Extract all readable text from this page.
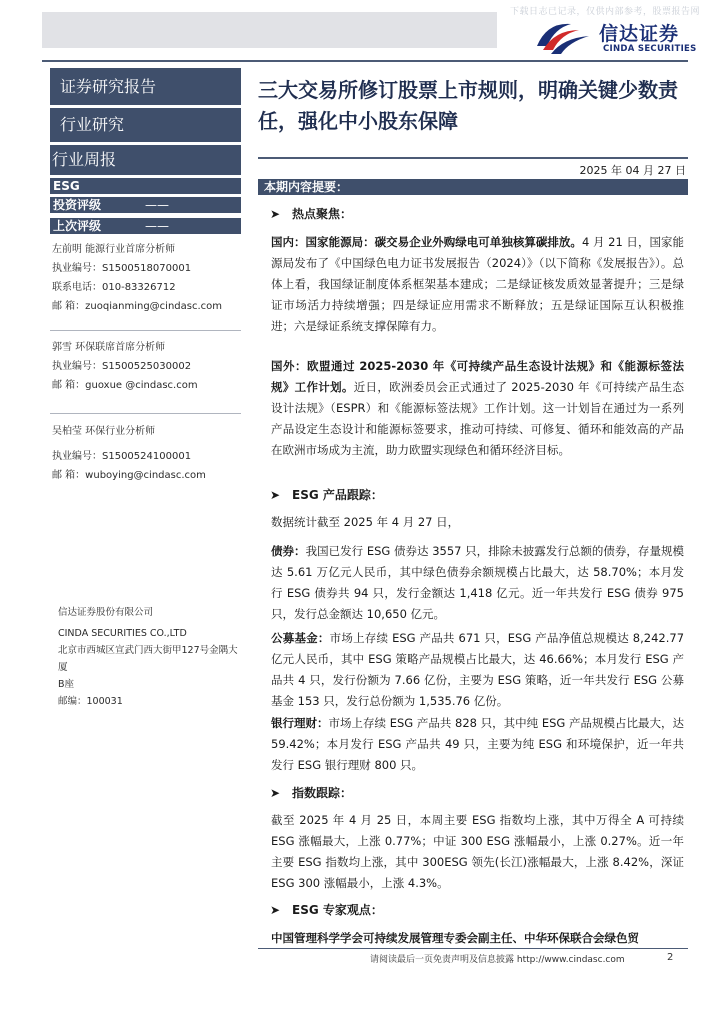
下载日志已记录，仅供内部参考，股票报告网
信达证券
CINDA SECURITIES
证券研究报告
行业研究
行业周报
ESG
投资评级	——
上次评级	——
左前明 能源行业首席分析师
执业编号：S1500518070001
联系电话：010-83326712
邮 箱：zuoqianming@cindasc.com
郭雪 环保联席首席分析师
执业编号：S1500525030002
邮 箱：guoxue @cindasc.com
吴柏莹 环保行业分析师
执业编号：S1500524100001
邮 箱：wuboying@cindasc.com
信达证券股份有限公司
CINDA SECURITIES CO.,LTD
北京市西城区宣武门西大街甲127号金隅大厦
B座
邮编：100031
三大交易所修订股票上市规则，明确关键少数责任，强化中小股东保障
2025 年 04 月 27 日
本期内容提要：
➤ 热点聚焦：
国内：国家能源局：碳交易企业外购绿电可单独核算碳排放。4 月 21 日，国家能源局发布了《中国绿色电力证书发展报告（2024）》（以下简称《发展报告》）。总体上看，我国绿证制度体系框架基本建成；二是绿证核发质效显著提升；三是绿证市场活力持续增强；四是绿证应用需求不断释放；五是绿证国际互认积极推进；六是绿证系统支撑保障有力。
国外：欧盟通过 2025-2030 年《可持续产品生态设计法规》和《能源标签法规》工作计划。近日，欧洲委员会正式通过了 2025-2030 年《可持续产品生态设计法规》（ESPR）和《能源标签法规》工作计划。这一计划旨在通过为一系列产品设定生态设计和能源标签要求，推动可持续、可修复、循环和能效高的产品在欧洲市场成为主流，助力欧盟实现绿色和循环经济目标。
➤ ESG 产品跟踪：
数据统计截至 2025 年 4 月 27 日，
债券：我国已发行 ESG 债券达 3557 只，排除未披露发行总额的债券，存量规模达 5.61 万亿元人民币，其中绿色债券余额规模占比最大，达 58.70%；本月发行 ESG 债券共 94 只，发行金额达 1,418 亿元。近一年共发行 ESG 债券 975 只，发行总金额达 10,650 亿元。
公募基金：市场上存续 ESG 产品共 671 只，ESG 产品净值总规模达 8,242.77 亿元人民币，其中 ESG 策略产品规模占比最大，达 46.66%；本月发行 ESG 产品共 4 只，发行份额为 7.66 亿份，主要为 ESG 策略，近一年共发行 ESG 公募基金 153 只，发行总份额为 1,535.76 亿份。
银行理财：市场上存续 ESG 产品共 828 只，其中纯 ESG 产品规模占比最大，达 59.42%；本月发行 ESG 产品共 49 只，主要为纯 ESG 和环境保护，近一年共发行 ESG 银行理财 800 只。
➤ 指数跟踪：
截至 2025 年 4 月 25 日，本周主要 ESG 指数均上涨，其中万得全 A 可持续 ESG 涨幅最大，上涨 0.77%；中证 300 ESG 涨幅最小，上涨 0.27%。近一年主要 ESG 指数均上涨，其中 300ESG 领先(长江)涨幅最大，上涨 8.42%，深证 ESG 300 涨幅最小，上涨 4.3%。
➤ ESG 专家观点：
中国管理科学学会可持续发展管理专委会副主任、中华环保联合会绿色贸
请阅读最后一页免责声明及信息披露 http://www.cindasc.com	2
